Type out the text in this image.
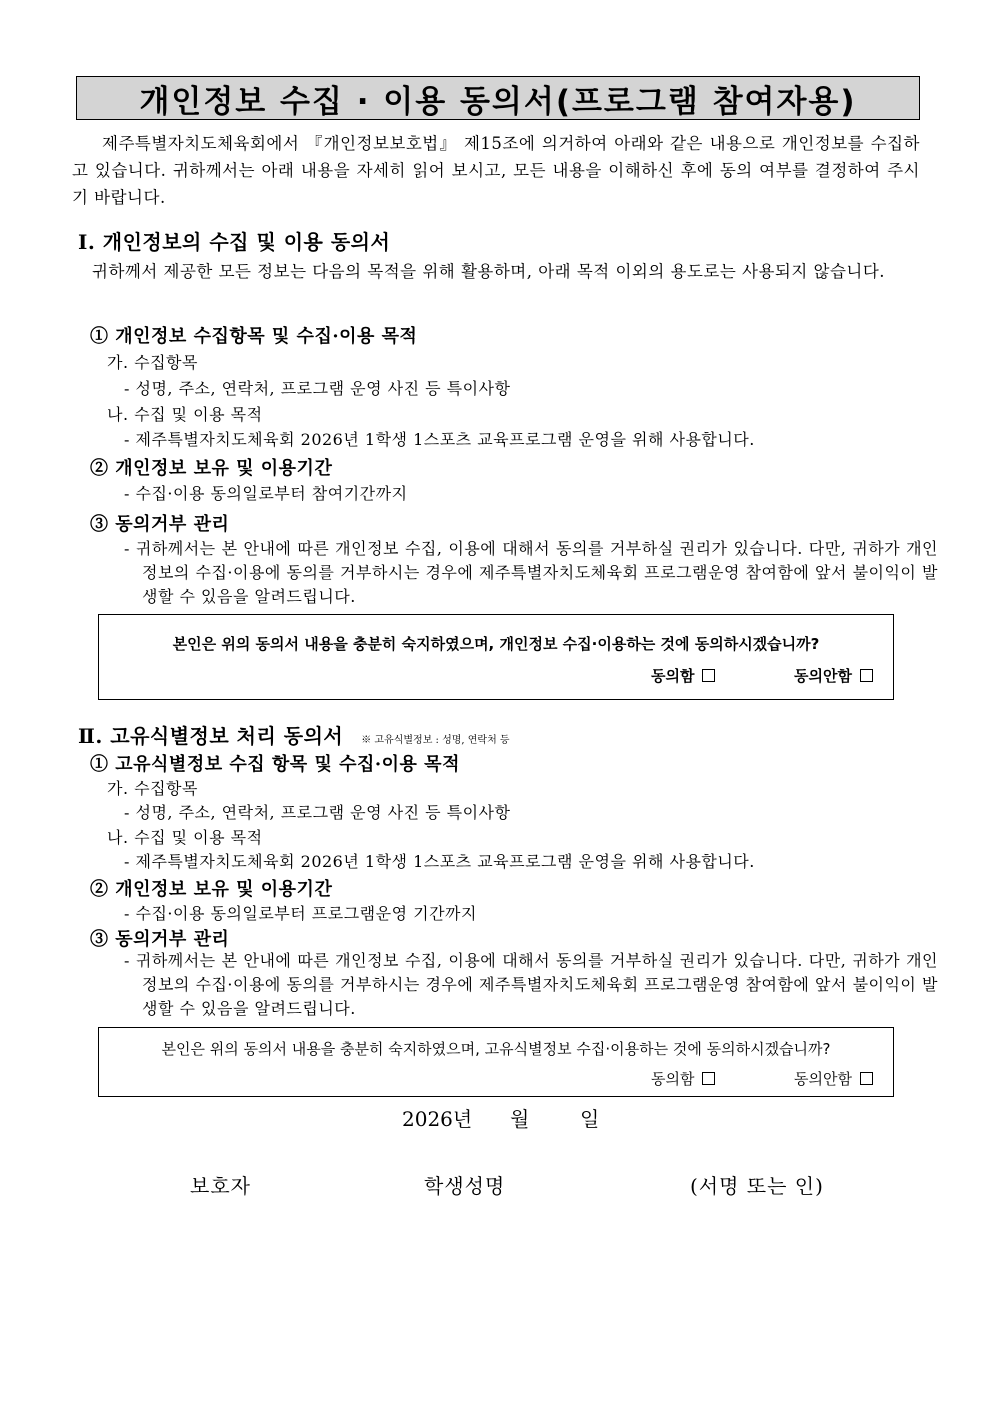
개인정보 수집 · 이용 동의서(프로그램 참여자용)

제주특별자치도체육회에서 『개인정보보호법』 제15조에 의거하여 아래와 같은 내용으로 개인정보를 수집하고 있습니다. 귀하께서는 아래 내용을 자세히 읽어 보시고, 모든 내용을 이해하신 후에 동의 여부를 결정하여 주시기 바랍니다.

Ⅰ. 개인정보의 수집 및 이용 동의서

귀하께서 제공한 모든 정보는 다음의 목적을 위해 활용하며, 아래 목적 이외의 용도로는 사용되지 않습니다.

① 개인정보 수집항목 및 수집·이용 목적

가. 수집항목

- 성명, 주소, 연락처, 프로그램 운영 사진 등 특이사항

나. 수집 및 이용 목적

- 제주특별자치도체육회 2026년 1학생 1스포츠 교육프로그램 운영을 위해 사용합니다.

② 개인정보 보유 및 이용기간

- 수집·이용 동의일로부터 참여기간까지

③ 동의거부 관리

- 귀하께서는 본 안내에 따른 개인정보 수집, 이용에 대해서 동의를 거부하실 권리가 있습니다. 다만, 귀하가 개인정보의 수집·이용에 동의를 거부하시는 경우에 제주특별자치도체육회 프로그램운영 참여함에 앞서 불이익이 발생할 수 있음을 알려드립니다.

본인은 위의 동의서 내용을 충분히 숙지하였으며, 개인정보 수집·이용하는 것에 동의하시겠습니까?
동의함	동의안함

Ⅱ. 고유식별정보 처리 동의서 ※ 고유식별정보 : 성명, 연락처 등

① 고유식별정보 수집 항목 및 수집·이용 목적

가. 수집항목

- 성명, 주소, 연락처, 프로그램 운영 사진 등 특이사항

나. 수집 및 이용 목적

- 제주특별자치도체육회 2026년 1학생 1스포츠 교육프로그램 운영을 위해 사용합니다.

② 개인정보 보유 및 이용기간

- 수집·이용 동의일로부터 프로그램운영 기간까지

③ 동의거부 관리

- 귀하께서는 본 안내에 따른 개인정보 수집, 이용에 대해서 동의를 거부하실 권리가 있습니다. 다만, 귀하가 개인정보의 수집·이용에 동의를 거부하시는 경우에 제주특별자치도체육회 프로그램운영 참여함에 앞서 불이익이 발생할 수 있음을 알려드립니다.

본인은 위의 동의서 내용을 충분히 숙지하였으며, 고유식별정보 수집·이용하는 것에 동의하시겠습니까?
동의함	동의안함
2026년 월	일
보호자	학생성명	(서명 또는 인)
